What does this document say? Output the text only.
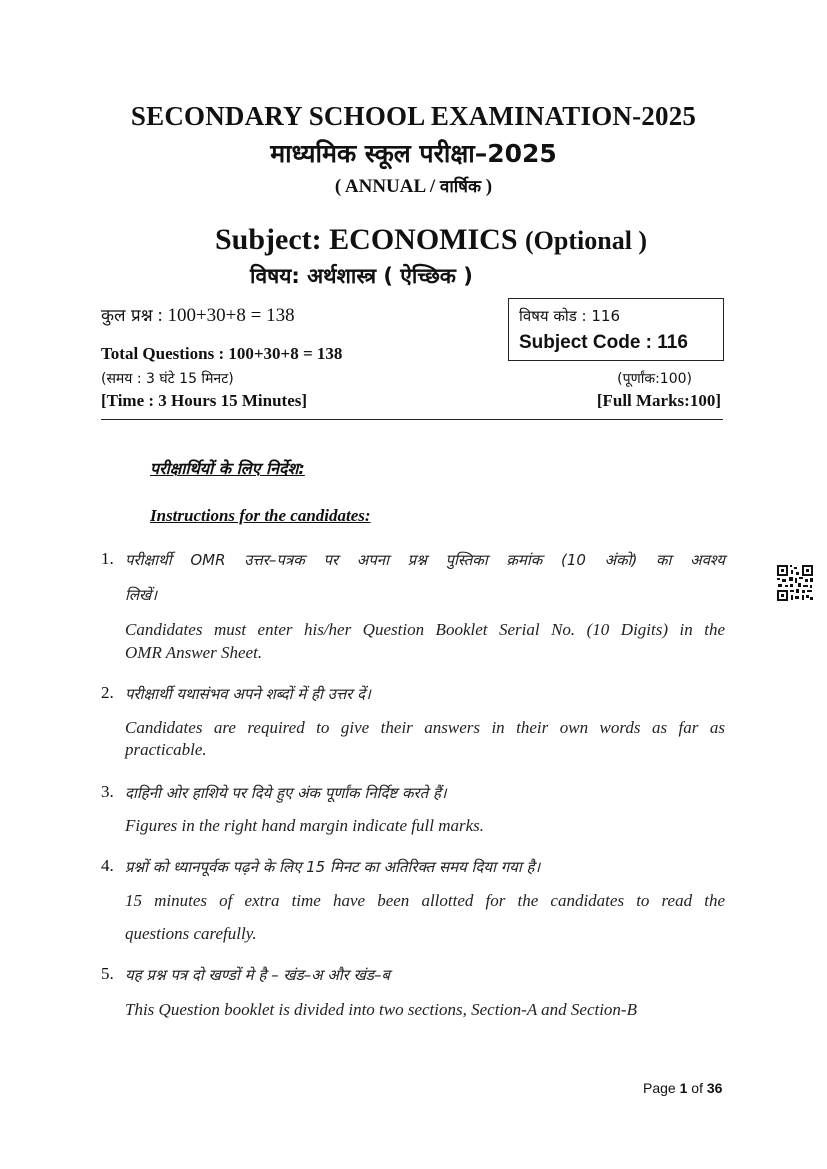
SECONDARY SCHOOL EXAMINATION-2025
माध्यमिक स्कूल परीक्षा–2025
( ANNUAL / वार्षिक )
Subject: ECONOMICS (Optional )
विषय: अर्थशास्त्र ( ऐच्छिक )
कुल प्रश्न : 100+30+8 = 138
Total Questions : 100+30+8 = 138
(समय : 3 घंटे 15 मिनट)
[Time : 3 Hours 15 Minutes]
(पूर्णांक:100)
[Full Marks:100]
विषय कोड : 116
Subject Code : 116
परीक्षार्थियों के लिए निर्देश:
Instructions for the candidates:
1. परीक्षार्थी OMR उत्तर–पत्रक पर अपना प्रश्न पुस्तिका क्रमांक (10 अंको) का अवश्य
लिखें।
Candidates must enter his/her Question Booklet Serial No. (10 Digits) in the
OMR Answer Sheet.
2. परीक्षार्थी यथासंभव अपने शब्दों में ही उत्तर दें।
Candidates are required to give their answers in their own words as far as
practicable.
3. दाहिनी ओर हाशिये पर दिये हुए अंक पूर्णांक निर्दिष्ट करते हैं।
Figures in the right hand margin indicate full marks.
4. प्रश्नों को ध्यानपूर्वक पढ़ने के लिए 15 मिनट का अतिरिक्त समय दिया गया है।
15 minutes of extra time have been allotted for the candidates to read the
questions carefully.
5. यह प्रश्न पत्र दो खण्डों मे है – खंड–अ और खंड–ब
This Question booklet is divided into two sections, Section-A and Section-B
Page 1 of 36
